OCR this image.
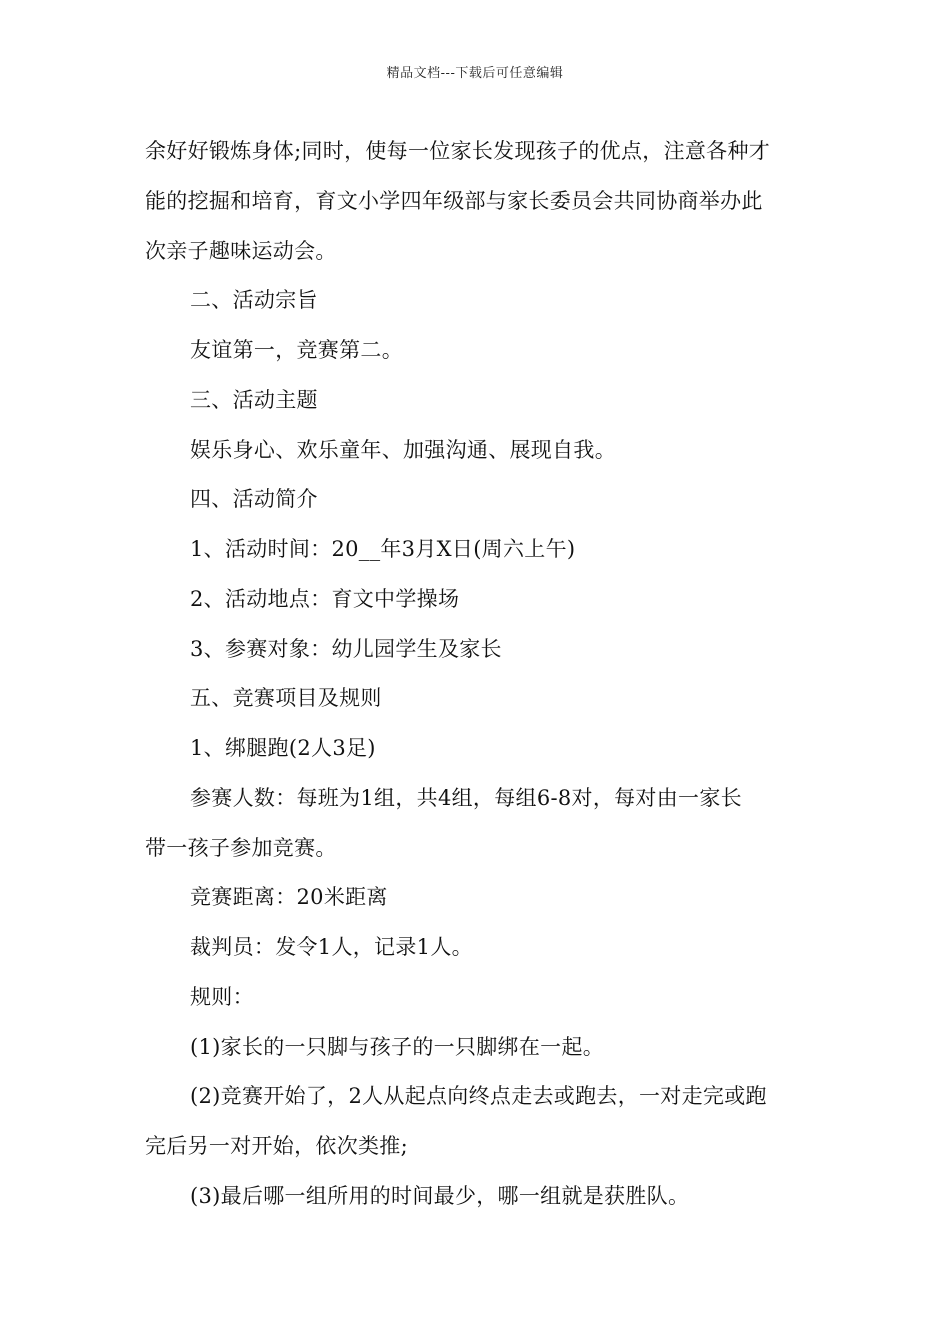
精品文档---下载后可任意编辑
余好好锻炼身体;同时，使每一位家长发现孩子的优点，注意各种才
能的挖掘和培育，育文小学四年级部与家长委员会共同协商举办此
次亲子趣味运动会。
二、活动宗旨
友谊第一，竞赛第二。
三、活动主题
娱乐身心、欢乐童年、加强沟通、展现自我。
四、活动简介
1、活动时间：20__年3月X日(周六上午)
2、活动地点：育文中学操场
3、参赛对象：幼儿园学生及家长
五、竞赛项目及规则
1、绑腿跑(2人3足)
参赛人数：每班为1组，共4组，每组6-8对，每对由一家长
带一孩子参加竞赛。
竞赛距离：20米距离
裁判员：发令1人，记录1人。
规则：
(1)家长的一只脚与孩子的一只脚绑在一起。
(2)竞赛开始了，2人从起点向终点走去或跑去，一对走完或跑
完后另一对开始，依次类推;
(3)最后哪一组所用的时间最少，哪一组就是获胜队。
